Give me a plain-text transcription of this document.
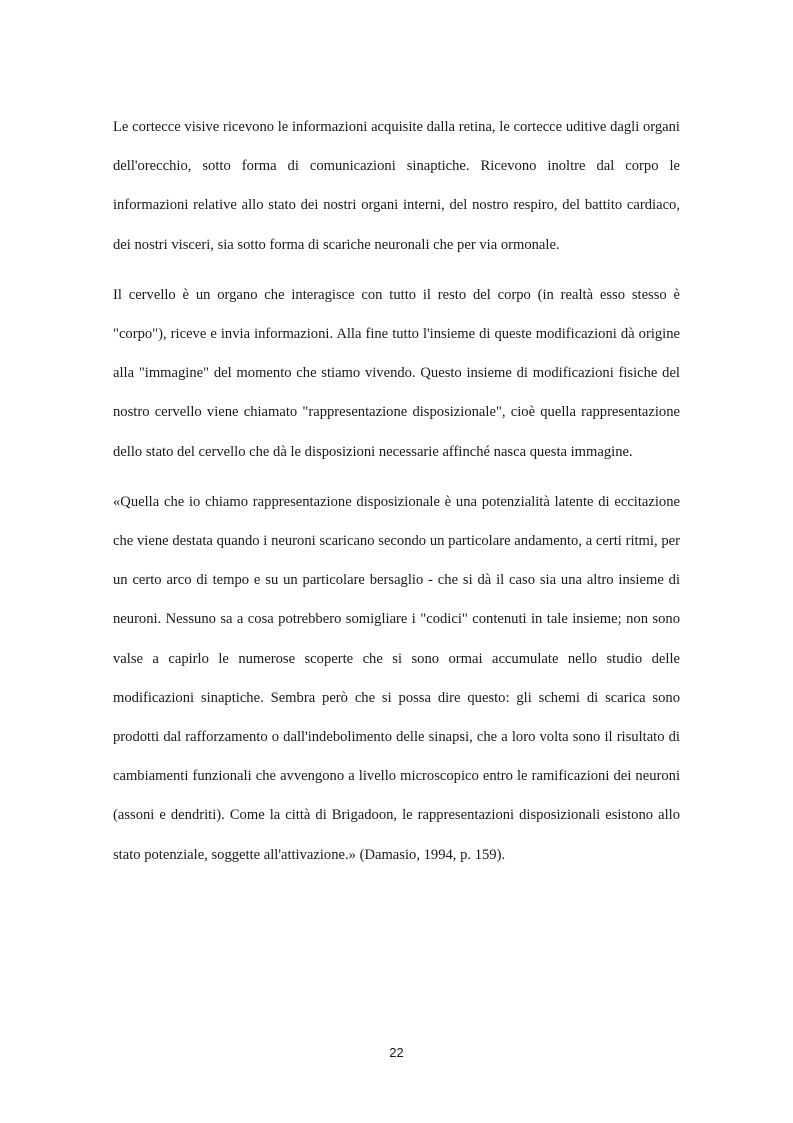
Le cortecce visive ricevono le informazioni acquisite dalla retina, le cortecce uditive dagli organi dell'orecchio, sotto forma di comunicazioni sinaptiche. Ricevono inoltre dal corpo le informazioni relative allo stato dei nostri organi interni, del nostro respiro, del battito cardiaco, dei nostri visceri, sia sotto forma di scariche neuronali che per via ormonale.

Il cervello è un organo che interagisce con tutto il resto del corpo (in realtà esso stesso è "corpo"), riceve e invia informazioni. Alla fine tutto l'insieme di queste modificazioni dà origine alla "immagine" del momento che stiamo vivendo. Questo insieme di modificazioni fisiche del nostro cervello viene chiamato "rappresentazione disposizionale", cioè quella rappresentazione dello stato del cervello che dà le disposizioni necessarie affinché nasca questa immagine.

«Quella che io chiamo rappresentazione disposizionale è una potenzialità latente di eccitazione che viene destata quando i neuroni scaricano secondo un particolare andamento, a certi ritmi, per un certo arco di tempo e su un particolare bersaglio - che si dà il caso sia una altro insieme di neuroni. Nessuno sa a cosa potrebbero somigliare i "codici" contenuti in tale insieme; non sono valse a capirlo le numerose scoperte che si sono ormai accumulate nello studio delle modificazioni sinaptiche. Sembra però che si possa dire questo: gli schemi di scarica sono prodotti dal rafforzamento o dall'indebolimento delle sinapsi, che a loro volta sono il risultato di cambiamenti funzionali che avvengono a livello microscopico entro le ramificazioni dei neuroni (assoni e dendriti). Come la città di Brigadoon, le rappresentazioni disposizionali esistono allo stato potenziale, soggette all'attivazione.» (Damasio, 1994, p. 159).

22
